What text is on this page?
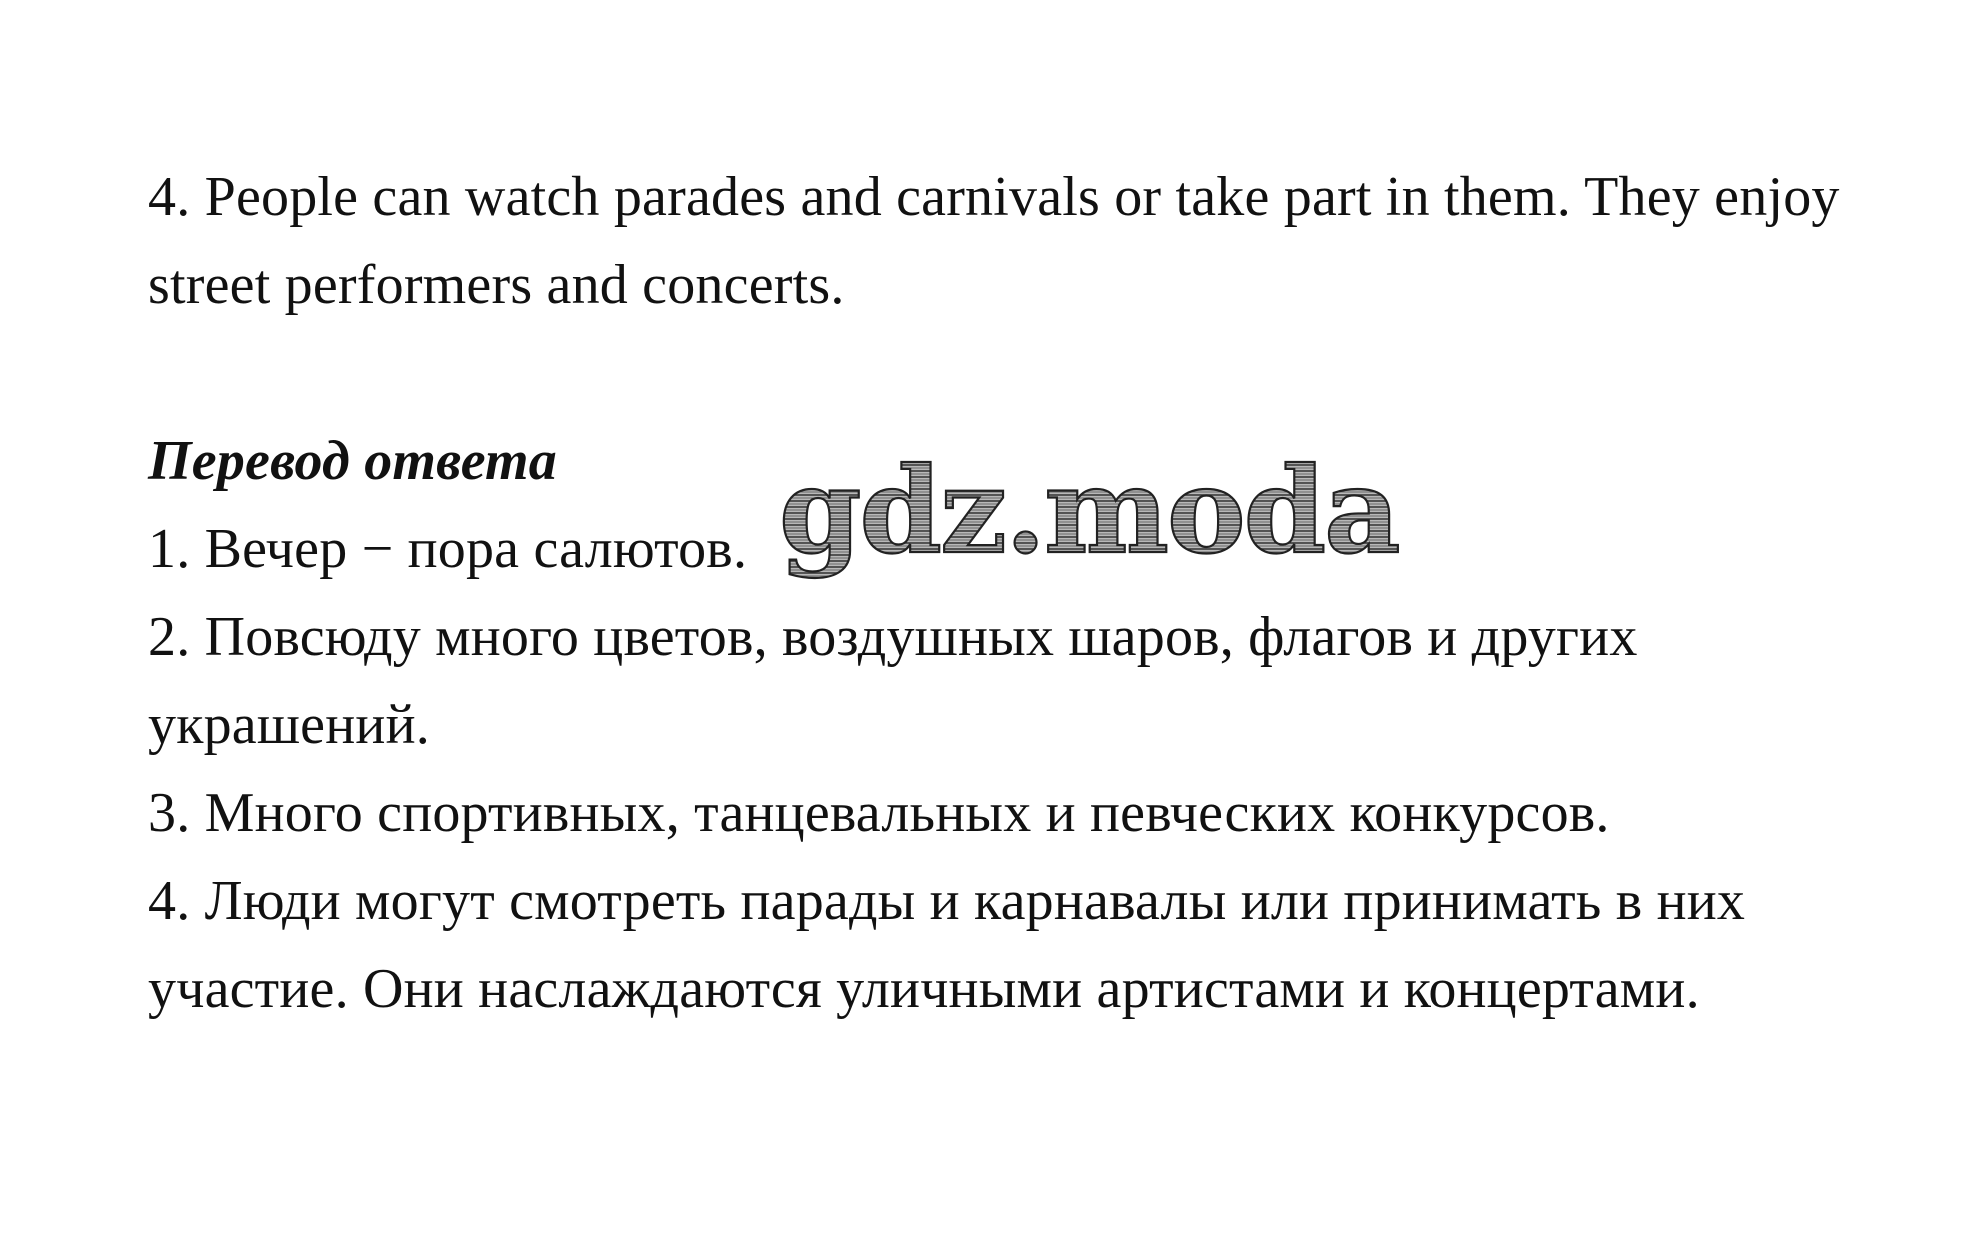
4. People can watch parades and carnivals or take part in them. They enjoy street performers and concerts.

Перевод ответа

1. Вечер − пора салютов.

2. Повсюду много цветов, воздушных шаров, флагов и других украшений.

3. Много спортивных, танцевальных и певческих конкурсов.

4. Люди могут смотреть парады и карнавалы или принимать в них участие. Они наслаждаются уличными артистами и концертами.

gdz.moda
